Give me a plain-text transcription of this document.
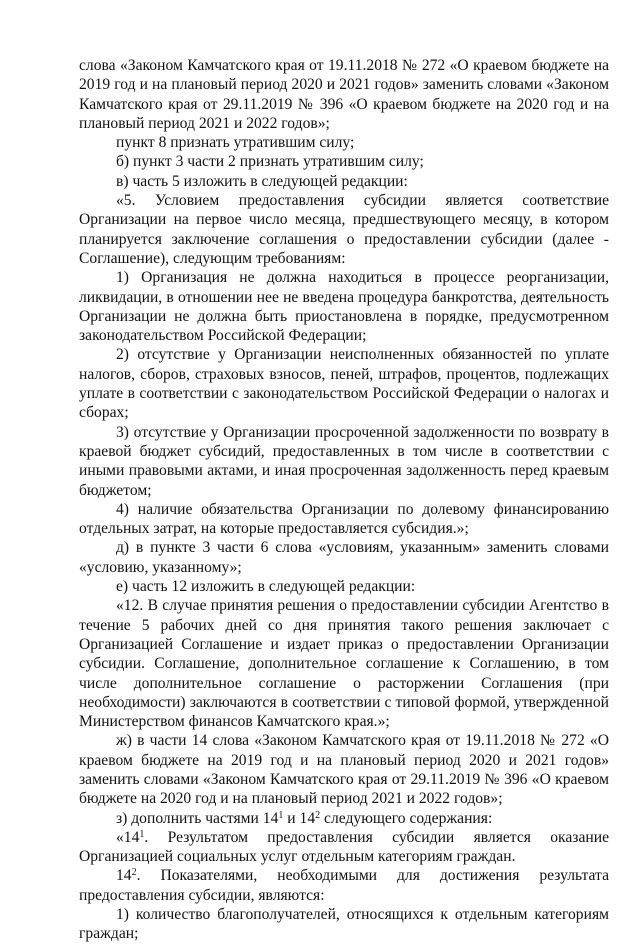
слова «Законом Камчатского края от 19.11.2018 № 272 «О краевом бюджете на 2019 год и на плановый период 2020 и 2021 годов» заменить словами «Законом Камчатского края от 29.11.2019 № 396 «О краевом бюджете на 2020 год и на плановый период 2021 и 2022 годов»;

пункт 8 признать утратившим силу;

б) пункт 3 части 2 признать утратившим силу;

в) часть 5 изложить в следующей редакции:

«5. Условием предоставления субсидии является соответствие Организации на первое число месяца, предшествующего месяцу, в котором планируется заключение соглашения о предоставлении субсидии (далее - Соглашение), следующим требованиям:

1) Организация не должна находиться в процессе реорганизации, ликвидации, в отношении нее не введена процедура банкротства, деятельность Организации не должна быть приостановлена в порядке, предусмотренном законодательством Российской Федерации;

2) отсутствие у Организации неисполненных обязанностей по уплате налогов, сборов, страховых взносов, пеней, штрафов, процентов, подлежащих уплате в соответствии с законодательством Российской Федерации о налогах и сборах;

3) отсутствие у Организации просроченной задолженности по возврату в краевой бюджет субсидий, предоставленных в том числе в соответствии с иными правовыми актами, и иная просроченная задолженность перед краевым бюджетом;

4) наличие обязательства Организации по долевому финансированию отдельных затрат, на которые предоставляется субсидия.»;

д) в пункте 3 части 6 слова «условиям, указанным» заменить словами «условию, указанному»;

е) часть 12 изложить в следующей редакции:

«12. В случае принятия решения о предоставлении субсидии Агентство в течение 5 рабочих дней со дня принятия такого решения заключает с Организацией Соглашение и издает приказ о предоставлении Организации субсидии. Соглашение, дополнительное соглашение к Соглашению, в том числе дополнительное соглашение о расторжении Соглашения (при необходимости) заключаются в соответствии с типовой формой, утвержденной Министерством финансов Камчатского края.»;

ж) в части 14 слова «Законом Камчатского края от 19.11.2018 № 272 «О краевом бюджете на 2019 год и на плановый период 2020 и 2021 годов» заменить словами «Законом Камчатского края от 29.11.2019 № 396 «О краевом бюджете на 2020 год и на плановый период 2021 и 2022 годов»;

з) дополнить частями $14^1$ и $14^2$ следующего содержания:

«$14^1$. Результатом предоставления субсидии является оказание Организацией социальных услуг отдельным категориям граждан.

$14^2$. Показателями, необходимыми для достижения результата предоставления субсидии, являются:

1) количество благополучателей, относящихся к отдельным категориям граждан;
